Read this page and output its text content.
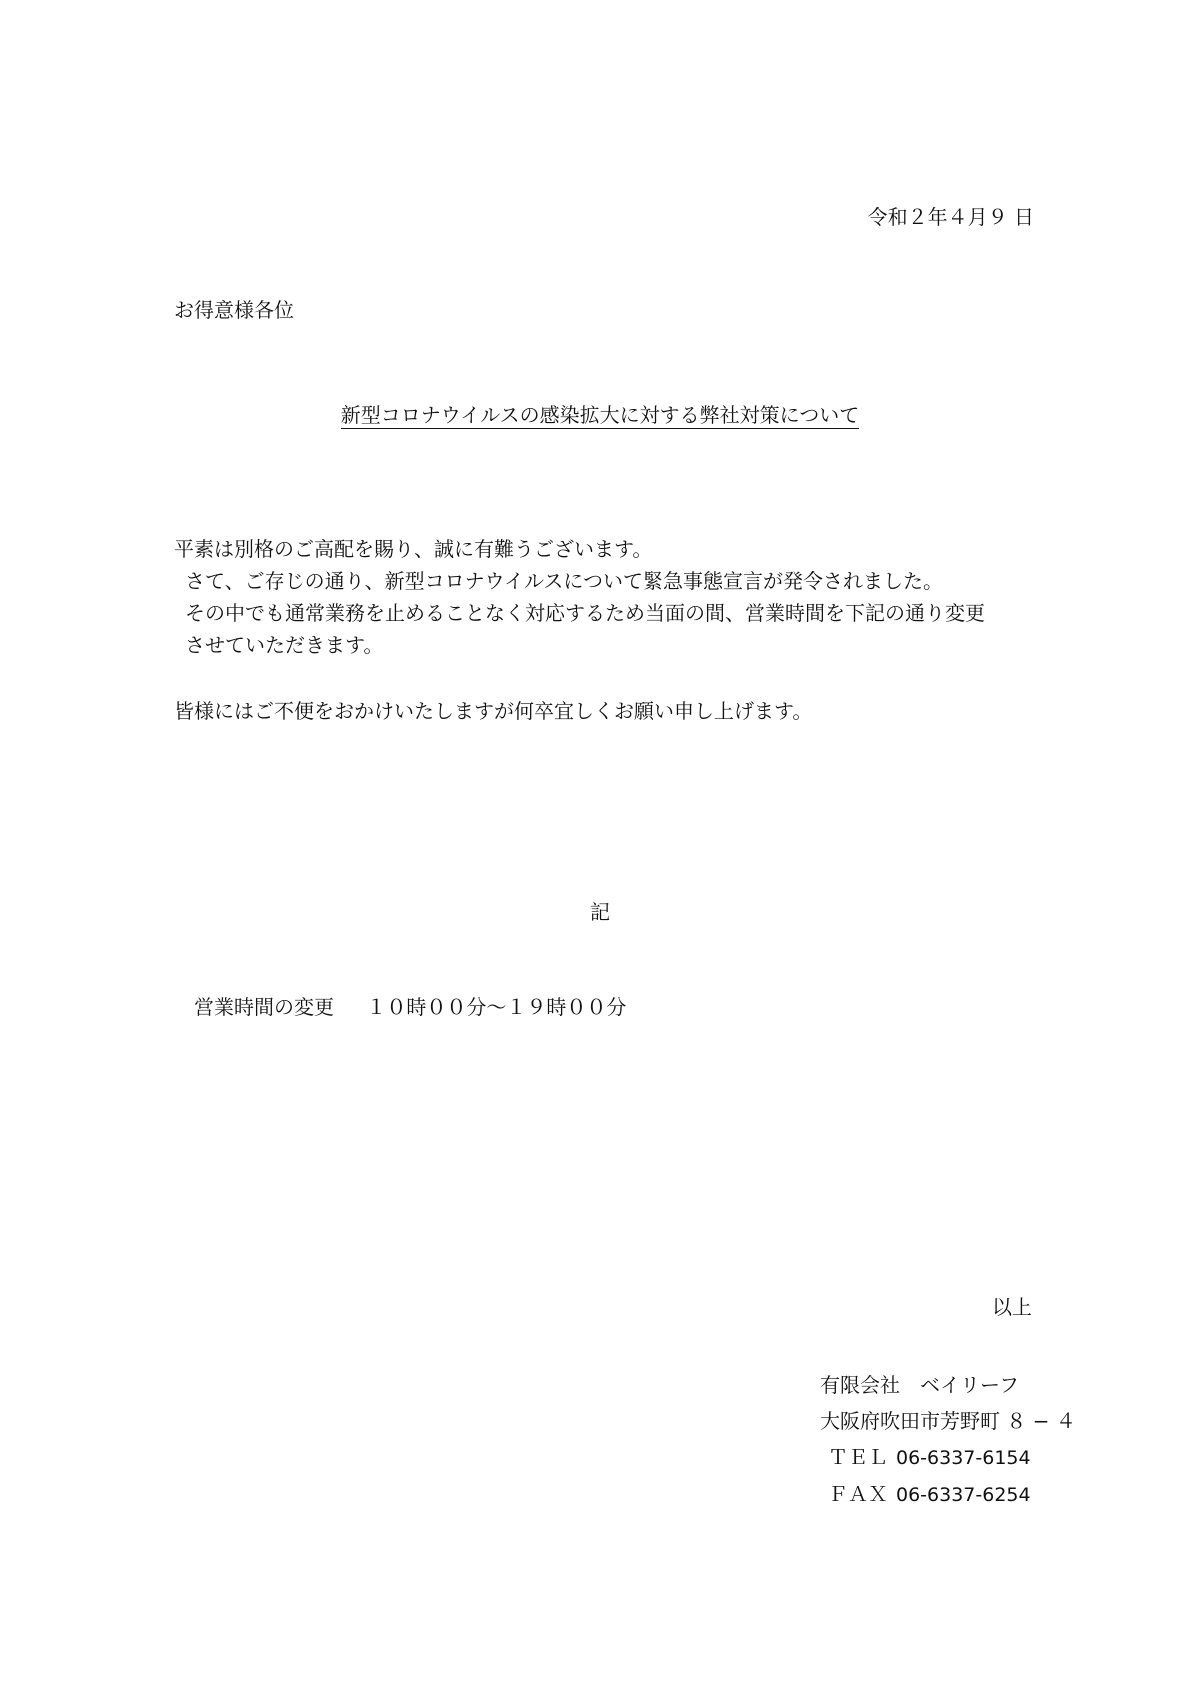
令和２年４月９ 日
お得意様各位
新型コロナウイルスの感染拡大に対する弊社対策について

平素は別格のご高配を賜り、誠に有難うございます。

さて、ご存じの通り、新型コロナウイルスについて緊急事態宣言が発令されました。

その中でも通常業務を止めることなく対応するため当面の間、営業時間を下記の通り変更

させていただきます。

皆様にはご不便をおかけいたしますが何卒宜しくお願い申し上げます。

記
営業時間の変更 １０時００分～１９時００分
以上

有限会社　ベイリーフ

大阪府吹田市芳野町 ８ − ４

ＴＥＬ 06-6337-6154

ＦＡＸ 06-6337-6254
